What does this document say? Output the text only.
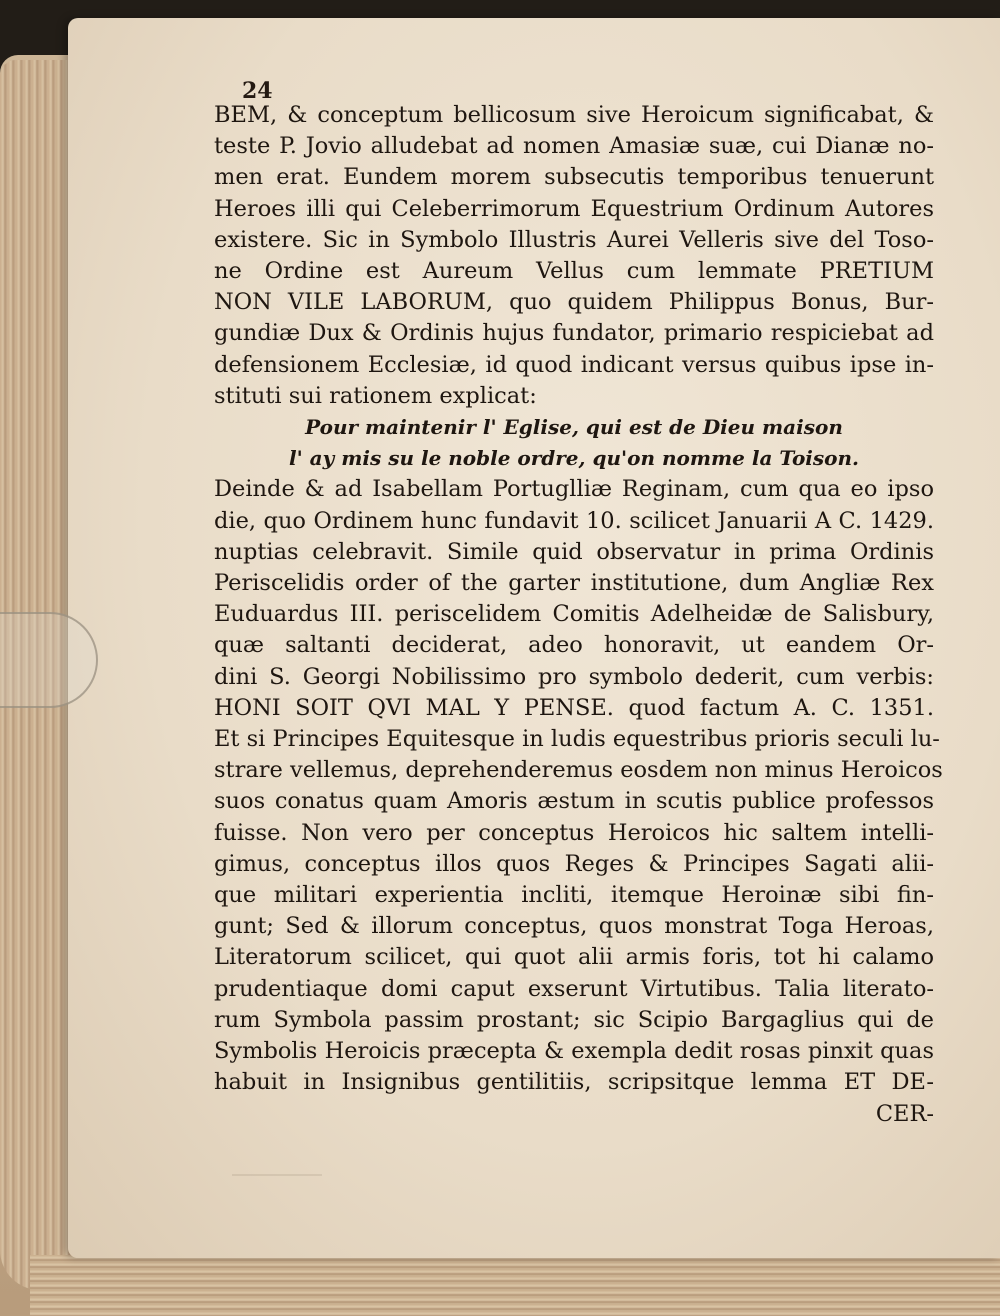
24
BEM, & conceptum bellicosum sive Heroicum significabat, &
teste P. Jovio alludebat ad nomen Amasiæ suæ, cui Dianæ no-
men erat. Eundem morem subsecutis temporibus tenuerunt
Heroes illi qui Celeberrimorum Equestrium Ordinum Autores
existere. Sic in Symbolo Illustris Aurei Velleris sive del Toso-
ne Ordine est Aureum Vellus cum lemmate PRETIUM
NON VILE LABORUM, quo quidem Philippus Bonus, Bur-
gundiæ Dux & Ordinis hujus fundator, primario respiciebat ad
defensionem Ecclesiæ, id quod indicant versus quibus ipse in-
stituti sui rationem explicat:
Pour maintenir l' Eglise, qui est de Dieu maison
l' ay mis su le noble ordre, qu'on nomme la Toison.
Deinde & ad Isabellam Portuglliæ Reginam, cum qua eo ipso
die, quo Ordinem hunc fundavit 10. scilicet Januarii A C. 1429.
nuptias celebravit. Simile quid observatur in prima Ordinis
Periscelidis order of the garter institutione, dum Angliæ Rex
Euduardus III. periscelidem Comitis Adelheidæ de Salisbury,
quæ saltanti deciderat, adeo honoravit, ut eandem Or-
dini S. Georgi Nobilissimo pro symbolo dederit, cum verbis:
HONI SOIT QVI MAL Y PENSE. quod factum A. C. 1351.
Et si Principes Equitesque in ludis equestribus prioris seculi lu-
strare vellemus, deprehenderemus eosdem non minus Heroicos
suos conatus quam Amoris æstum in scutis publice professos
fuisse. Non vero per conceptus Heroicos hic saltem intelli-
gimus, conceptus illos quos Reges & Principes Sagati alii-
que militari experientia incliti, itemque Heroinæ sibi fin-
gunt; Sed & illorum conceptus, quos monstrat Toga Heroas,
Literatorum scilicet, qui quot alii armis foris, tot hi calamo
prudentiaque domi caput exserunt Virtutibus. Talia literato-
rum Symbola passim prostant; sic Scipio Bargaglius qui de
Symbolis Heroicis præcepta & exempla dedit rosas pinxit quas
habuit in Insignibus gentilitiis, scripsitque lemma ET DE-
CER-
